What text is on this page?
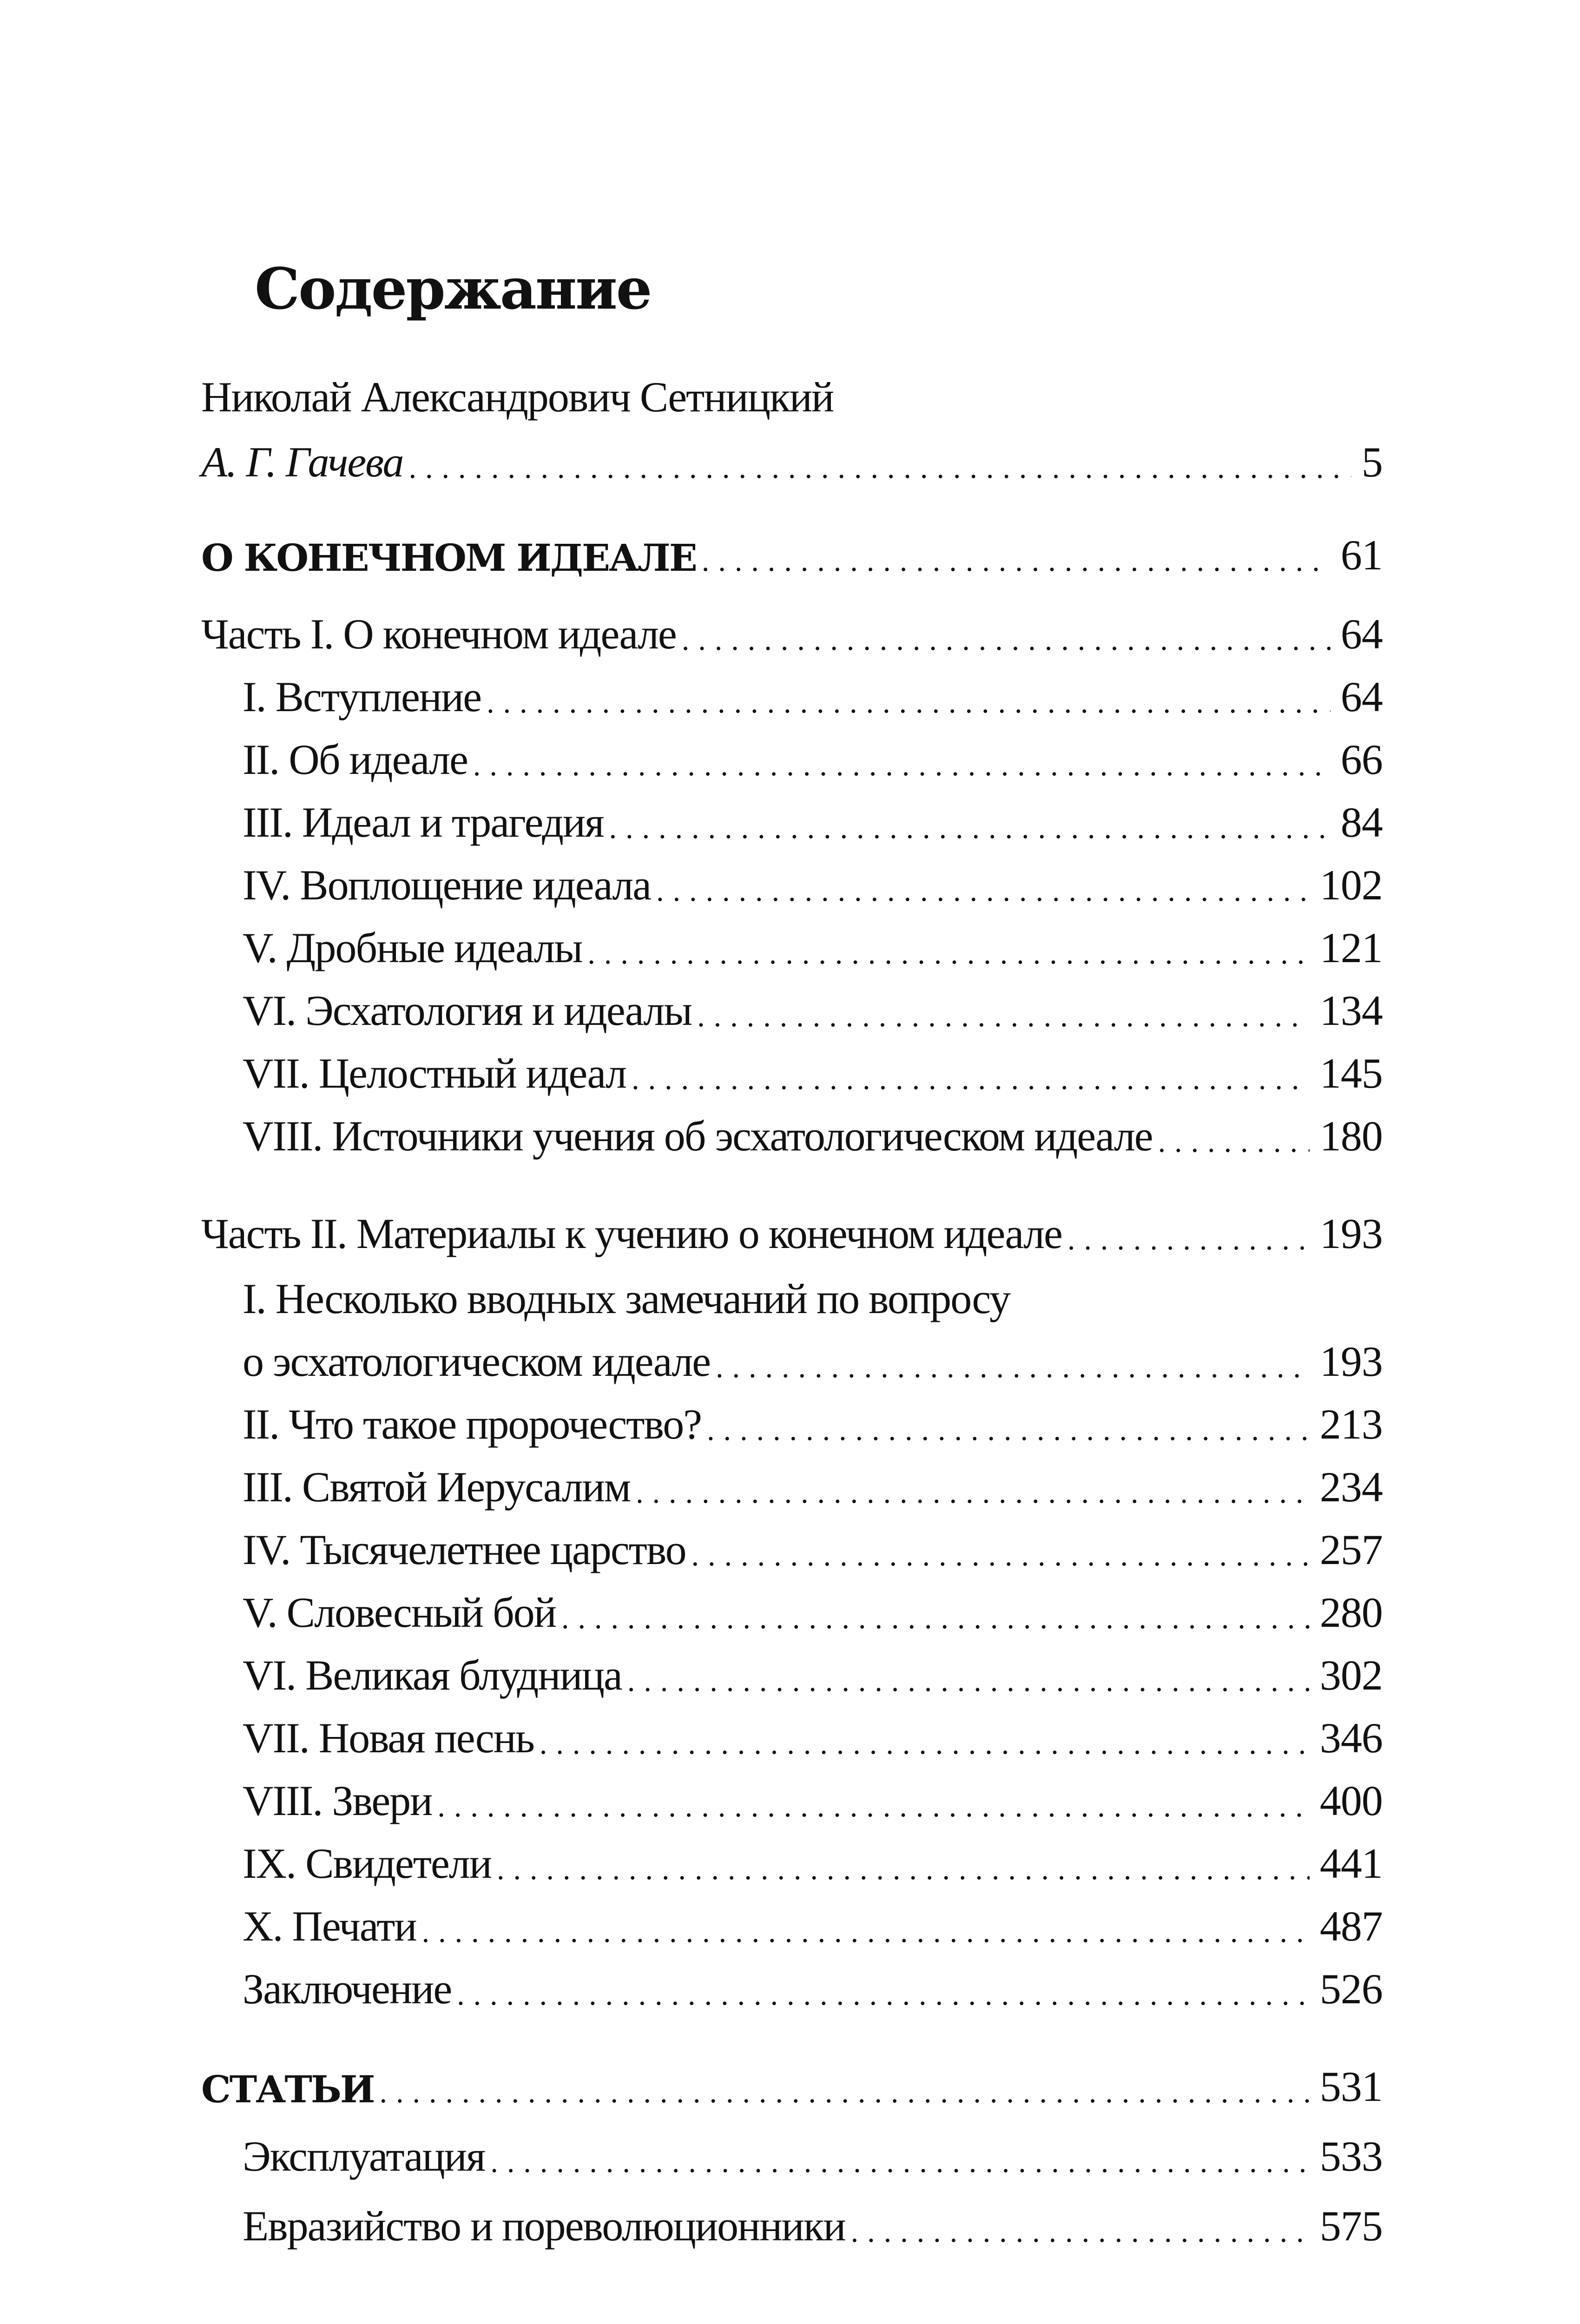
Содержание
Николай Александрович Сетницкий
А. Г. Гачева .....	5
О КОНЕЧНОМ ИДЕАЛЕ .....	61
Часть I. О конечном идеале .....	64
I. Вступление .....	64
II. Об идеале .....	66
III. Идеал и трагедия .....	84
IV. Воплощение идеала .....	102
V. Дробные идеалы .....	121
VI. Эсхатология и идеалы .....	134
VII. Целостный идеал .....	145
VIII. Источники учения об эсхатологическом идеале .....	180
Часть II. Материалы к учению о конечном идеале .....	193
I. Несколько вводных замечаний по вопросу
о эсхатологическом идеале .....	193
II. Что такое пророчество? .....	213
III. Святой Иерусалим .....	234
IV. Тысячелетнее царство .....	257
V. Словесный бой .....	280
VI. Великая блудница .....	302
VII. Новая песнь .....	346
VIII. Звери .....	400
IX. Свидетели .....	441
X. Печати .....	487
Заключение .....	526
СТАТЬИ .....	531
Эксплуатация .....	533
Евразийство и пореволюционники .....	575
